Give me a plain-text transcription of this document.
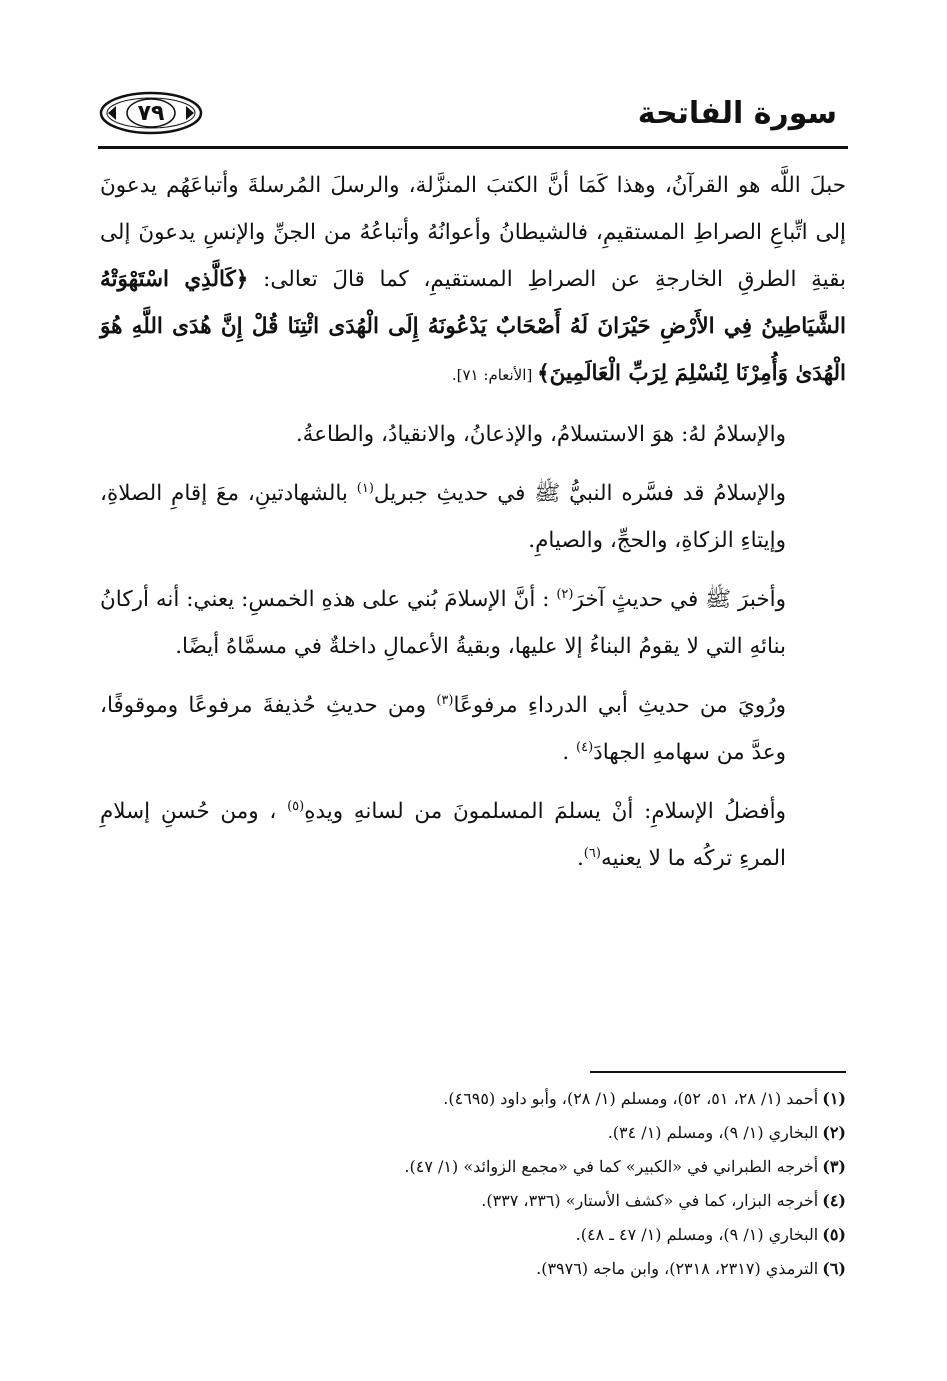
سورة الفاتحة
٧٩

حبلَ اللَّه هو القرآنُ، وهذا كَمَا أنَّ الكتبَ المنزَّلة، والرسلَ المُرسلةَ وأتباعَهُم يدعونَ إلى اتِّباعِ الصراطِ المستقيمِ، فالشيطانُ وأعوانُهُ وأتباعُهُ من الجنِّ والإنسِ يدعونَ إلى بقيةِ الطرقِ الخارجةِ عن الصراطِ المستقيمِ، كما قالَ تعالى: ﴿كَالَّذِي اسْتَهْوَتْهُ الشَّيَاطِينُ فِي الأَرْضِ حَيْرَانَ لَهُ أَصْحَابٌ يَدْعُونَهُ إِلَى الْهُدَى ائْتِنَا قُلْ إِنَّ هُدَى اللَّهِ هُوَ الْهُدَىٰ وَأُمِرْنَا لِنُسْلِمَ لِرَبِّ الْعَالَمِينَ﴾ [الأنعام: ٧١].

والإسلامُ لهُ: هوَ الاستسلامُ، والإذعانُ، والانقيادُ، والطاعةُ.

والإسلامُ قد فسَّره النبيُّ ﷺ في حديثِ جبريل$^{(١)}$ بالشهادتينِ، معَ إقامِ الصلاةِ، وإيتاءِ الزكاةِ، والحجِّ، والصيامِ.

وأخبرَ ﷺ في حديثٍ آخرَ$^{(٢)}$ : أنَّ الإسلامَ بُني على هذهِ الخمسِ: يعني: أنه أركانُ بنائهِ التي لا يقومُ البناءُ إلا عليها، وبقيةُ الأعمالِ داخلةٌ في مسمَّاهُ أيضًا.

ورُويَ من حديثِ أبي الدرداءِ مرفوعًا$^{(٣)}$ ومن حديثِ حُذيفةَ مرفوعًا وموقوفًا، وعدَّ من سهامهِ الجهادَ$^{(٤)}$ .

وأفضلُ الإسلامِ: أنْ يسلمَ المسلمونَ من لسانهِ ويدهِ$^{(٥)}$ ، ومن حُسنِ إسلامِ المرءِ تركُه ما لا يعنيه$^{(٦)}$.

(١)أحمد (١/ ٢٨، ٥١، ٥٢)، ومسلم (١/ ٢٨)، وأبو داود (٤٦٩٥).

(٢)البخاري (١/ ٩)، ومسلم (١/ ٣٤).

(٣)أخرجه الطبراني في «الكبير» كما في «مجمع الزوائد» (١/ ٤٧).

(٤)أخرجه البزار، كما في «كشف الأستار» (٣٣٦، ٣٣٧).

(٥)البخاري (١/ ٩)، ومسلم (١/ ٤٧ ـ ٤٨).

(٦)الترمذي (٢٣١٧، ٢٣١٨)، وابن ماجه (٣٩٧٦).
